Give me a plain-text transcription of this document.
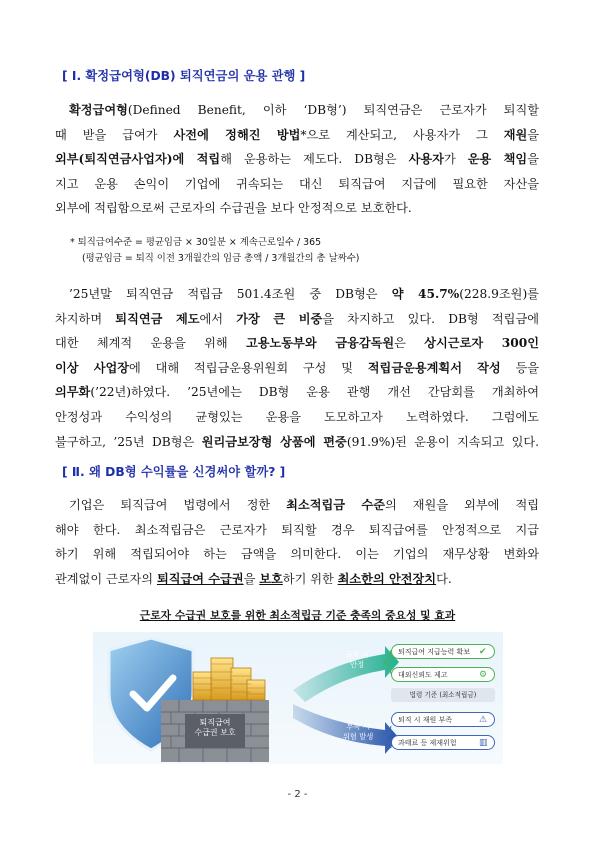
[ Ⅰ. 확정급여형(DB) 퇴직연금의 운용 관행 ]
확정급여형(Defined Benefit, 이하 ‘DB형’) 퇴직연금은 근로자가 퇴직할
때 받을 급여가 사전에 정해진 방법*으로 계산되고, 사용자가 그 재원을
외부(퇴직연금사업자)에 적립해 운용하는 제도다. DB형은 사용자가 운용 책임을
지고 운용 손익이 기업에 귀속되는 대신 퇴직급여 지급에 필요한 자산을
외부에 적립함으로써 근로자의 수급권을 보다 안정적으로 보호한다.
* 퇴직급여수준 = 평균임금 × 30일분 × 계속근로일수 / 365
(평균임금 = 퇴직 이전 3개월간의 임금 총액 / 3개월간의 총 날짜수)
’25년말 퇴직연금 적립금 501.4조원 중 DB형은 약 45.7%(228.9조원)를
차지하며 퇴직연금 제도에서 가장 큰 비중을 차지하고 있다. DB형 적립금에
대한 체계적 운용을 위해 고용노동부와 금융감독원은 상시근로자 300인
이상 사업장에 대해 적립금운용위원회 구성 및 적립금운용계획서 작성 등을
의무화(’22년)하였다. ’25년에는 DB형 운용 관행 개선 간담회를 개최하여
안정성과 수익성의 균형있는 운용을 도모하고자 노력하였다. 그럼에도
불구하고, ’25년 DB형은 원리금보장형 상품에 편중(91.9%)된 운용이 지속되고 있다.
[ Ⅱ. 왜 DB형 수익률을 신경써야 할까? ]
기업은 퇴직급여 법령에서 정한 최소적립금 수준의 재원을 외부에 적립
해야 한다. 최소적립금은 근로자가 퇴직할 경우 퇴직급여를 안정적으로 지급
하기 위해 적립되어야 하는 금액을 의미한다. 이는 기업의 재무상황 변화와
관계없이 근로자의 퇴직급여 수급권을 보호하기 위한 최소한의 안전장치다.
근로자 수급권 보호를 위한 최소적립금 기준 충족의 중요성 및 효과
퇴직급여
수급권 보호
충족 시
안정
부족 시
위험 발생
퇴직급여 지급능력 확보 ✔
대외신뢰도 제고	⚙
법령 기준 (최소적립금)
퇴직 시 재원 부족	⚠
과태료 등 제재위험 ▥
- 2 -
